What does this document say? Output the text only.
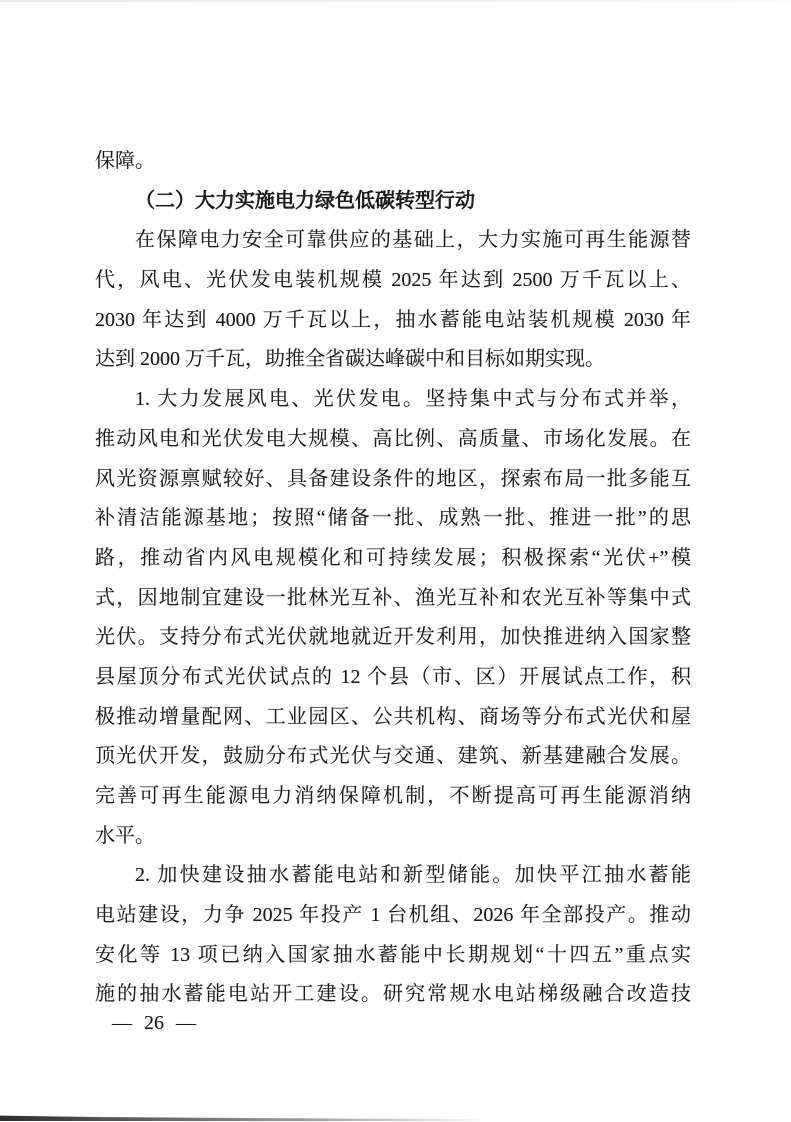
保障。
（二）大力实施电力绿色低碳转型行动
在保障电力安全可靠供应的基础上，大力实施可再生能源替
代，风电、光伏发电装机规模 2025 年达到 2500 万千瓦以上、
2030 年达到 4000 万千瓦以上，抽水蓄能电站装机规模 2030 年
达到 2000 万千瓦，助推全省碳达峰碳中和目标如期实现。
1. 大力发展风电、光伏发电。坚持集中式与分布式并举，
推动风电和光伏发电大规模、高比例、高质量、市场化发展。在
风光资源禀赋较好、具备建设条件的地区，探索布局一批多能互
补清洁能源基地；按照“储备一批、成熟一批、推进一批”的思
路，推动省内风电规模化和可持续发展；积极探索“光伏+”模
式，因地制宜建设一批林光互补、渔光互补和农光互补等集中式
光伏。支持分布式光伏就地就近开发利用，加快推进纳入国家整
县屋顶分布式光伏试点的 12 个县（市、区）开展试点工作，积
极推动增量配网、工业园区、公共机构、商场等分布式光伏和屋
顶光伏开发，鼓励分布式光伏与交通、建筑、新基建融合发展。
完善可再生能源电力消纳保障机制，不断提高可再生能源消纳
水平。
2. 加快建设抽水蓄能电站和新型储能。加快平江抽水蓄能
电站建设，力争 2025 年投产 1 台机组、2026 年全部投产。推动
安化等 13 项已纳入国家抽水蓄能中长期规划“十四五”重点实
施的抽水蓄能电站开工建设。研究常规水电站梯级融合改造技
— 26 —
